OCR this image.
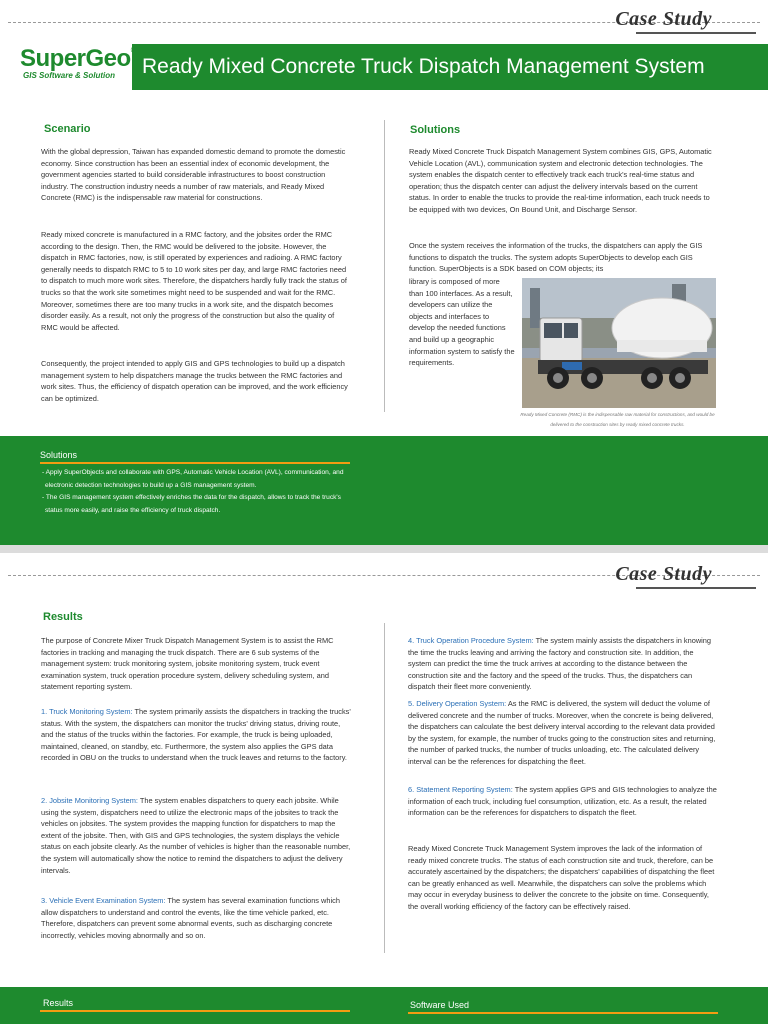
Case Study
SuperGeo
GIS Software & Solution	Ready Mixed Concrete Truck Dispatch Management System
Scenario

With the global depression, Taiwan has expanded domestic demand to promote the domestic economy. Since construction has been an essential index of economic development, the government agencies started to build considerable infrastructures to boost construction industry. The construction industry needs a number of raw materials, and Ready Mixed Concrete (RMC) is the indispensable raw material for constructions.

Ready mixed concrete is manufactured in a RMC factory, and the jobsites order the RMC according to the design. Then, the RMC would be delivered to the jobsite. However, the dispatch in RMC factories, now, is still operated by experiences and radioing. A RMC factory generally needs to dispatch RMC to 5 to 10 work sites per day, and large RMC factories need to dispatch to much more work sites. Therefore, the dispatchers hardly fully track the status of trucks so that the work site sometimes might need to be suspended and wait for the RMC. Moreover, sometimes there are too many trucks in a work site, and the dispatch becomes disorder easily. As a result, not only the progress of the construction but also the quality of RMC would be affected.

Consequently, the project intended to apply GIS and GPS technologies to build up a dispatch management system to help dispatchers manage the trucks between the RMC factories and work sites. Thus, the efficiency of dispatch operation can be improved, and the work efficiency can be optimized.

Solutions

Ready Mixed Concrete Truck Dispatch Management System combines GIS, GPS, Automatic Vehicle Location (AVL), communication system and electronic detection technologies. The system enables the dispatch center to effectively track each truck's real-time status and operation; thus the dispatch center can adjust the delivery intervals based on the current status. In order to enable the trucks to provide the real-time information, each truck needs to be equipped with two devices, On Bound Unit, and Discharge Sensor.

Once the system receives the information of the trucks, the dispatchers can apply the GIS functions to dispatch the trucks. The system adopts SuperObjects to develop each GIS function. SuperObjects is a SDK based on COM objects; its

library is composed of more than 100 interfaces. As a result, developers can utilize the objects and interfaces to develop the needed functions and build up a geographic information system to satisfy the requirements.

Ready Mixed Concrete (RMC) is the indispensable raw material for constructions, and would be delivered to the construction sites by ready mixed concrete trucks.
Solutions
- Apply SuperObjects and collaborate with GPS, Automatic Vehicle Location (AVL), communication, and
electronic detection technologies to build up a GIS management system.
- The GIS management system effectively enriches the data for the dispatch, allows to track the truck's
status more easily, and raise the efficiency of truck dispatch.
Case Study
Results

The purpose of Concrete Mixer Truck Dispatch Management System is to assist the RMC factories in tracking and managing the truck dispatch. There are 6 sub systems of the management system: truck monitoring system, jobsite monitoring system, truck event examination system, truck operation procedure system, delivery scheduling system, and statement reporting system.

1. Truck Monitoring System: The system primarily assists the dispatchers in tracking the trucks' status. With the system, the dispatchers can monitor the trucks' driving status, driving route, and the status of the trucks within the factories. For example, the truck is being uploaded, maintained, cleaned, on standby, etc. Furthermore, the system also applies the GPS data recorded in OBU on the trucks to understand when the truck leaves and returns to the factory.
2. Jobsite Monitoring System: The system enables dispatchers to query each jobsite. While using the system, dispatchers need to utilize the electronic maps of the jobsites to track the vehicles on jobsites. The system provides the mapping function for dispatchers to map the extent of the jobsite. Then, with GIS and GPS technologies, the system displays the vehicle status on each jobsite clearly. As the number of vehicles is higher than the reasonable number, the system will automatically show the notice to remind the dispatchers to adjust the delivery intervals.
3. Vehicle Event Examination System: The system has several examination functions which allow dispatchers to understand and control the events, like the time vehicle parked, etc. Therefore, dispatchers can prevent some abnormal events, such as discharging concrete incorrectly, vehicles moving abnormally and so on.
4. Truck Operation Procedure System: The system mainly assists the dispatchers in knowing the time the trucks leaving and arriving the factory and construction site. In addition, the system can predict the time the truck arrives at according to the distance between the construction site and the factory and the speed of the trucks. Thus, the dispatchers can dispatch their fleet more conveniently.
5. Delivery Operation System: As the RMC is delivered, the system will deduct the volume of delivered concrete and the number of trucks. Moreover, when the concrete is being delivered, the dispatchers can calculate the best delivery interval according to the relevant data provided by the system, for example, the number of trucks going to the construction sites and returning, the number of parked trucks, the number of trucks unloading, etc. The calculated delivery interval can be the references for dispatching the fleet.
6. Statement Reporting System: The system applies GPS and GIS technologies to analyze the information of each truck, including fuel consumption, utilization, etc. As a result, the related information can be the references for dispatchers to dispatch the fleet.

Ready Mixed Concrete Truck Management System improves the lack of the information of ready mixed concrete trucks. The status of each construction site and truck, therefore, can be accurately ascertained by the dispatchers; the dispatchers' capabilities of dispatching the fleet can be greatly enhanced as well. Meanwhile, the dispatchers can solve the problems which may occur in everyday business to deliver the concrete to the jobsite on time. Consequently, the overall working efficiency of the factory can be effectively raised.

Results	Software Used
